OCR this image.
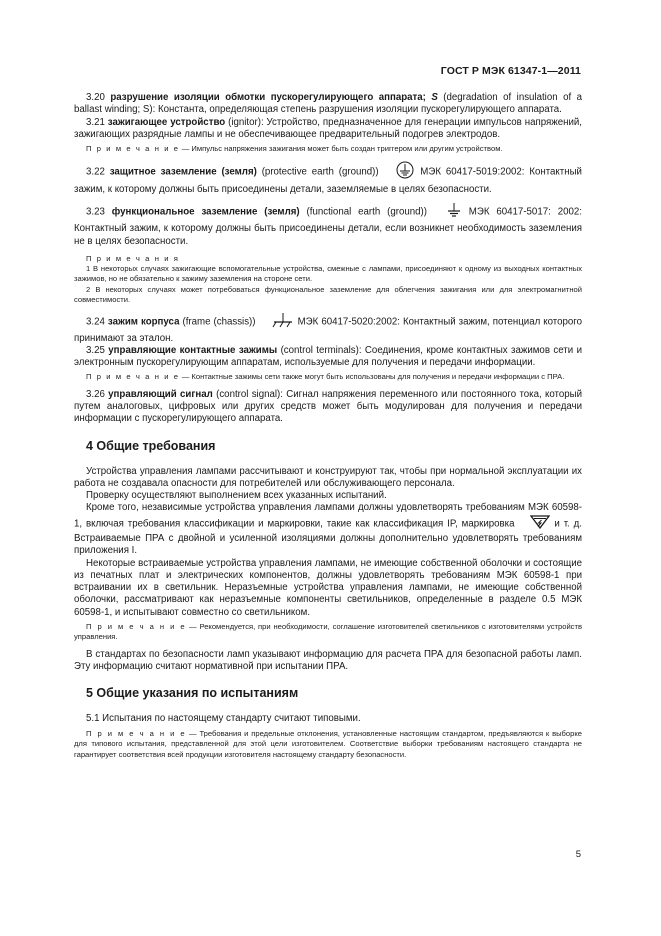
ГОСТ Р МЭК 61347-1—2011

3.20 разрушение изоляции обмотки пускорегулирующего аппарата; S (degradation of insulation of a ballast winding; S): Константа, определяющая степень разрушения изоляции пускорегулирующего аппарата.

3.21 зажигающее устройство (ignitor): Устройство, предназначенное для генерации импульсов напряжений, зажигающих разрядные лампы и не обеспечивающее предварительный подогрев электродов.

П р и м е ч а н и е — Импульс напряжения зажигания может быть создан триггером или другим устройством.

3.22 защитное заземление (земля) (protective earth (ground))	МЭК 60417-5019:2002: Контактный зажим, к которому должны быть присоединены детали, заземляемые в целях безопасности.

3.23 функциональное заземление (земля) (functional earth (ground))	МЭК 60417-5017: 2002: Контактный зажим, к которому должны быть присоединены детали, если возникнет необходимость заземления не в целях безопасности.

П р и м е ч а н и я

1 В некоторых случаях зажигающие вспомогательные устройства, смежные с лампами, присоединяют к одному из выходных контактных зажимов, но не обязательно к зажиму заземления на стороне сети.

2 В некоторых случаях может потребоваться функциональное заземление для облегчения зажигания или для электромагнитной совместимости.

3.24 зажим корпуса (frame (chassis))	МЭК 60417-5020:2002: Контактный зажим, потенциал которого принимают за эталон.

3.25 управляющие контактные зажимы (control terminals): Соединения, кроме контактных зажимов сети и электронным пускорегулирующим аппаратам, используемые для получения и передачи информации.

П р и м е ч а н и е — Контактные зажимы сети также могут быть использованы для получения и передачи информации с ПРА.

3.26 управляющий сигнал (control signal): Сигнал напряжения переменного или постоянного тока, который путем аналоговых, цифровых или других средств может быть модулирован для получения и передачи информации с пускорегулирующего аппарата.

4 Общие требования

Устройства управления лампами рассчитывают и конструируют так, чтобы при нормальной эксплуатации их работа не создавала опасности для потребителей или обслуживающего персонала.

Проверку осуществляют выполнением всех указанных испытаний.

Кроме того, независимые устройства управления лампами должны удовлетворять требованиям МЭК 60598-1, включая требования классификации и маркировки, такие как классификация IP, маркировка	и т. д. Встраиваемые ПРА с двойной и усиленной изоляциями должны дополнительно удовлетворять требованиям приложения I.

Некоторые встраиваемые устройства управления лампами, не имеющие собственной оболочки и состоящие из печатных плат и электрических компонентов, должны удовлетворять требованиям МЭК 60598-1 при встраивании их в светильник. Неразъемные устройства управления лампами, не имеющие собственной оболочки, рассматривают как неразъемные компоненты светильников, определенные в разделе 0.5 МЭК 60598-1, и испытывают совместно со светильником.

П р и м е ч а н и е — Рекомендуется, при необходимости, соглашение изготовителей светильников с изготовителями устройств управления.

В стандартах по безопасности ламп указывают информацию для расчета ПРА для безопасной работы ламп. Эту информацию считают нормативной при испытании ПРА.

5 Общие указания по испытаниям

5.1 Испытания по настоящему стандарту считают типовыми.

П р и м е ч а н и е — Требования и предельные отклонения, установленные настоящим стандартом, предъявляются к выборке для типового испытания, представленной для этой цели изготовителем. Соответствие выборки требованиям настоящего стандарта не гарантирует соответствия всей продукции изготовителя настоящему стандарту безопасности.

5
